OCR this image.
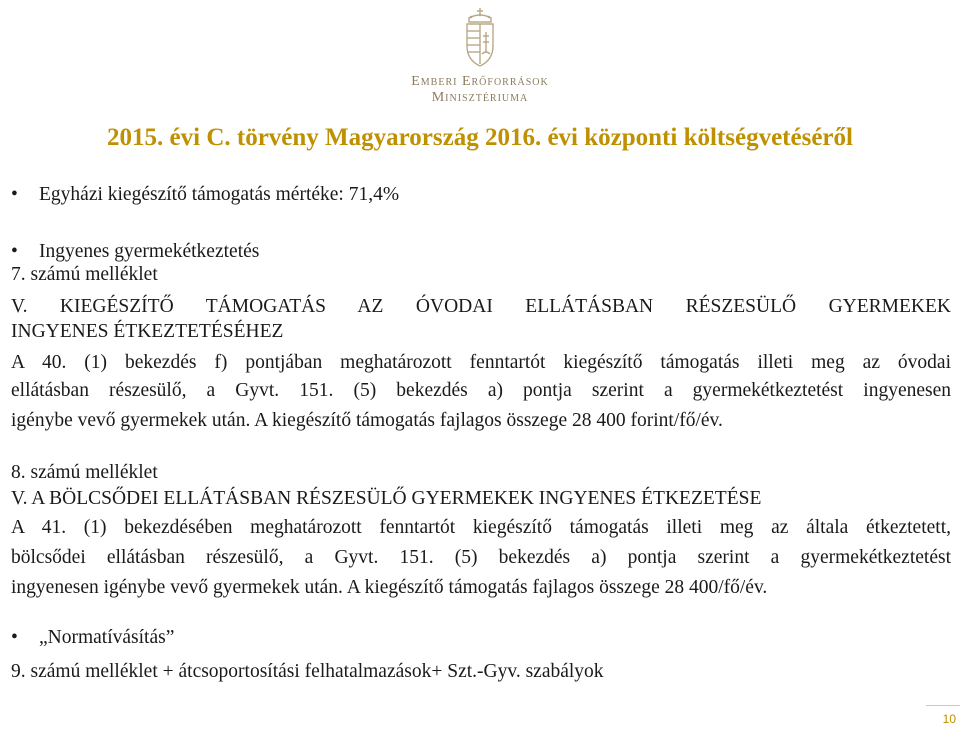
Emberi Erőforrások
Minisztériuma
2015. évi C. törvény Magyarország 2016. évi központi költségvetéséről
• Egyházi kiegészítő támogatás mértéke: 71,4%
• Ingyenes gyermekétkeztetés
7. számú melléklet
V. KIEGÉSZÍTŐ TÁMOGATÁS AZ ÓVODAI ELLÁTÁSBAN RÉSZESÜLŐ GYERMEKEK
INGYENES ÉTKEZTETÉSÉHEZ
A 40. (1) bekezdés f) pontjában meghatározott fenntartót kiegészítő támogatás illeti meg az óvodai
ellátásban részesülő, a Gyvt. 151. (5) bekezdés a) pontja szerint a gyermekétkeztetést ingyenesen
igénybe vevő gyermekek után. A kiegészítő támogatás fajlagos összege 28 400 forint/fő/év.
8. számú melléklet
V. A BÖLCSŐDEI ELLÁTÁSBAN RÉSZESÜLŐ GYERMEKEK INGYENES ÉTKEZETÉSE
A 41. (1) bekezdésében meghatározott fenntartót kiegészítő támogatás illeti meg az általa étkeztetett,
bölcsődei ellátásban részesülő, a Gyvt. 151. (5) bekezdés a) pontja szerint a gyermekétkeztetést
ingyenesen igénybe vevő gyermekek után. A kiegészítő támogatás fajlagos összege 28 400/fő/év.
• „Normatívásítás”
9. számú melléklet + átcsoportosítási felhatalmazások+ Szt.-Gyv. szabályok
10
